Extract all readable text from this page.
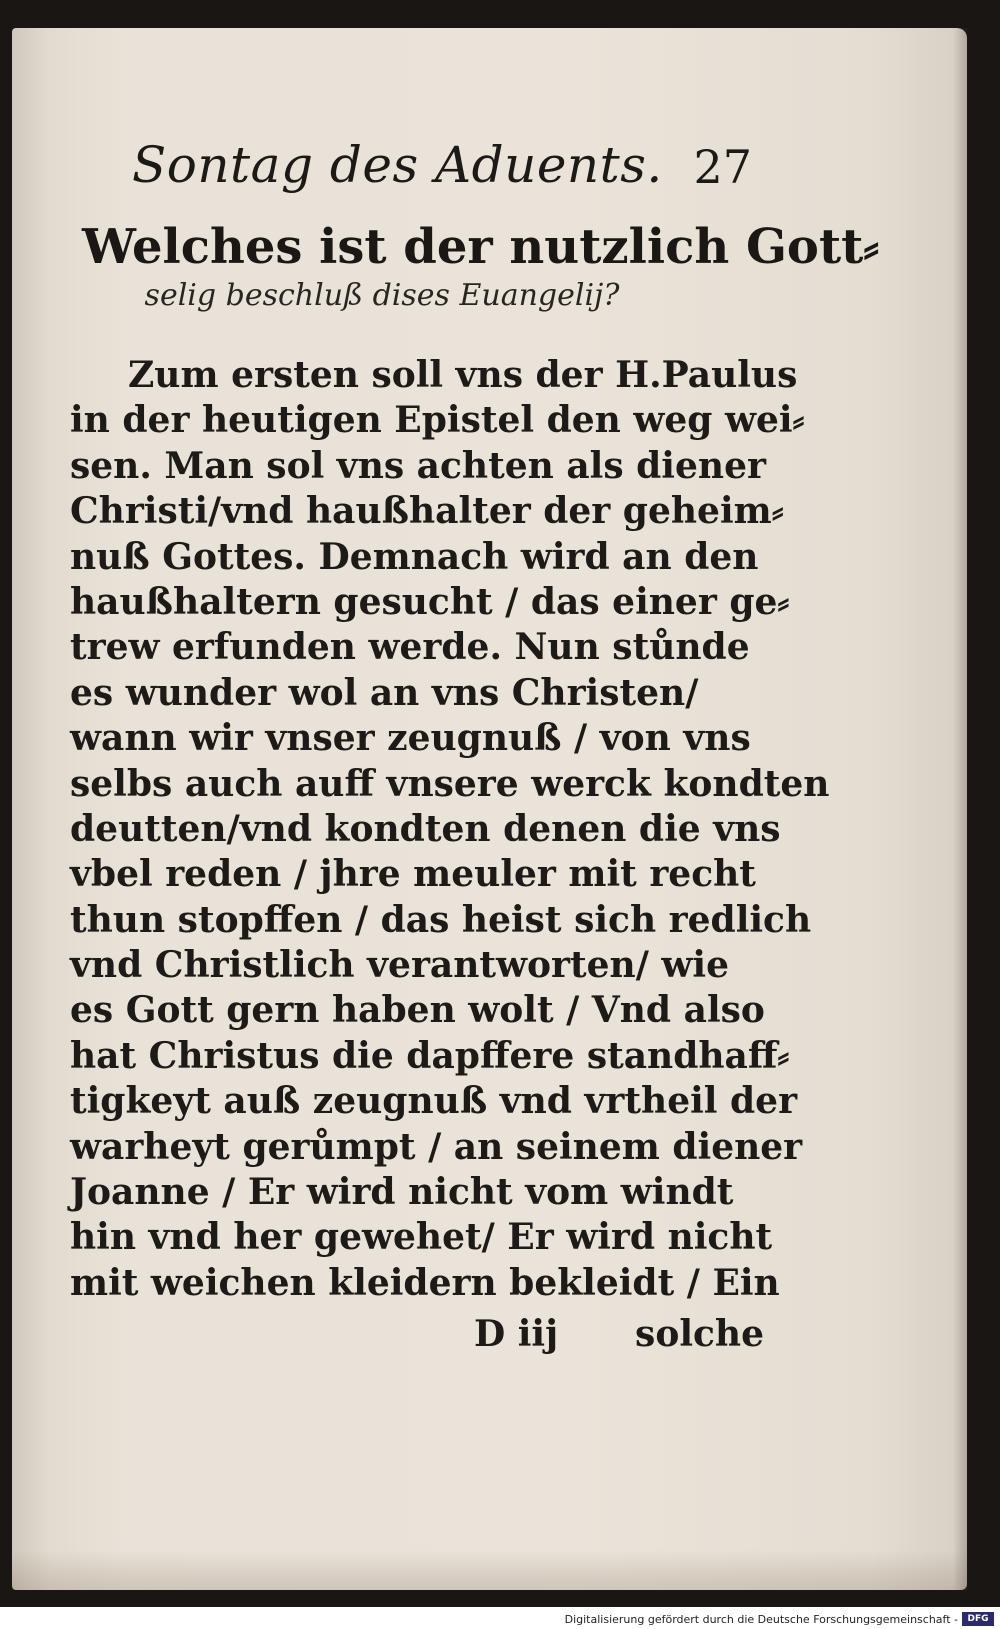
Sontag des Aduents. 27
Welches ist der nutzlich Gott⸗
selig beschluß dises Euangelij?
Zum ersten soll vns der H.Paulus
in der heutigen Epistel den weg wei⸗
sen. Man sol vns achten als diener
Christi/vnd haußhalter der geheim⸗
nuß Gottes. Demnach wird an den
haußhaltern gesucht / das einer ge⸗
trew erfunden werde. Nun stůnde
es wunder wol an vns Christen/
wann wir vnser zeugnuß / von vns
selbs auch auff vnsere werck kondten
deutten/vnd kondten denen die vns
vbel reden / jhre meuler mit recht
thun stopffen / das heist sich redlich
vnd Christlich verantworten/ wie
es Gott gern haben wolt / Vnd also
hat Christus die dapffere standhaff⸗
tigkeyt auß zeugnuß vnd vrtheil der
warheyt gerůmpt / an seinem diener
Joanne / Er wird nicht vom windt
hin vnd her gewehet/ Er wird nicht
mit weichen kleidern bekleidt / Ein
D iij solche
Digitalisierung gefördert durch die Deutsche Forschungsgemeinschaft -	DFG
